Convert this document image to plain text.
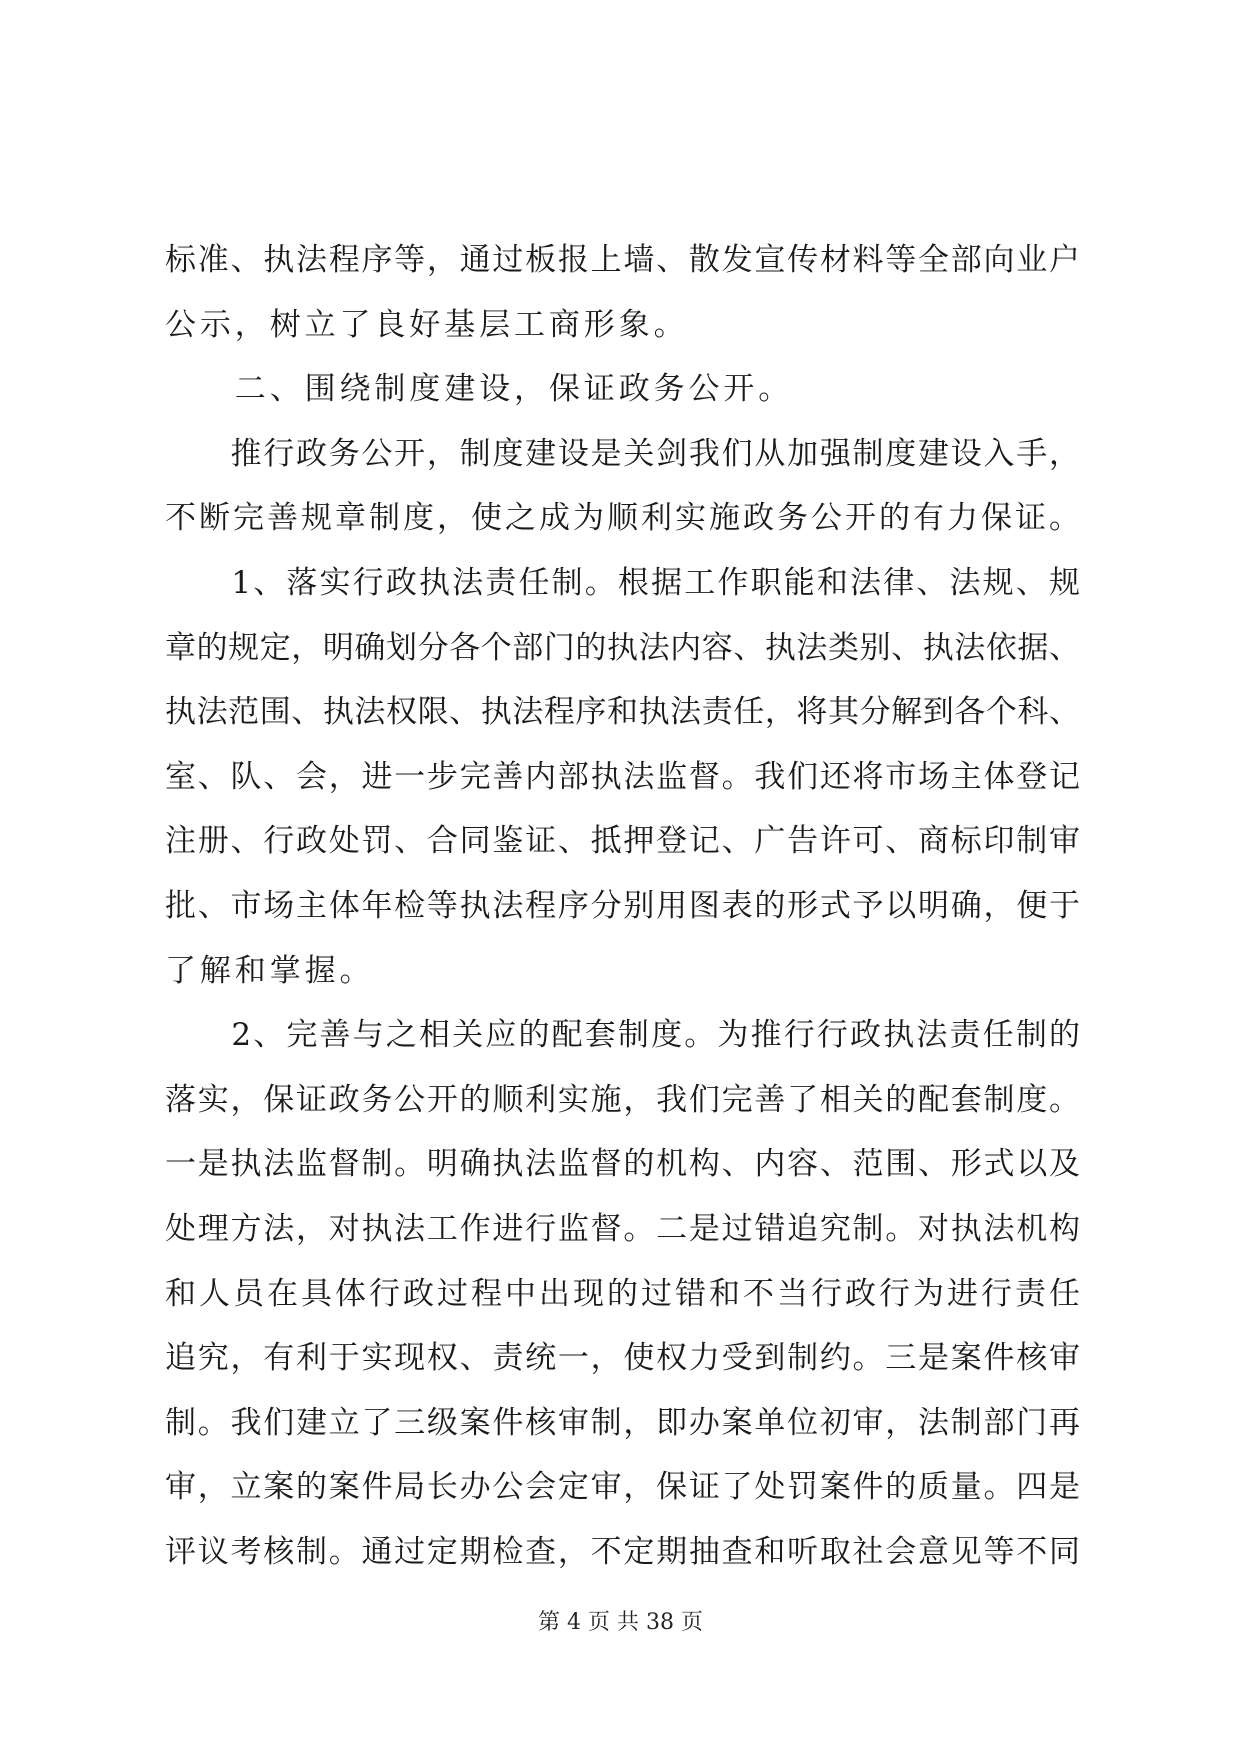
标准、执法程序等，通过板报上墙、散发宣传材料等全部向业户
公示，树立了良好基层工商形象。
　　二、围绕制度建设，保证政务公开。
　　推行政务公开，制度建设是关剑我们从加强制度建设入手，
不断完善规章制度，使之成为顺利实施政务公开的有力保证。
　　1、落实行政执法责任制。根据工作职能和法律、法规、规
章的规定，明确划分各个部门的执法内容、执法类别、执法依据、
执法范围、执法权限、执法程序和执法责任，将其分解到各个科、
室、队、会，进一步完善内部执法监督。我们还将市场主体登记
注册、行政处罚、合同鉴证、抵押登记、广告许可、商标印制审
批、市场主体年检等执法程序分别用图表的形式予以明确，便于
了解和掌握。
　　2、完善与之相关应的配套制度。为推行行政执法责任制的
落实，保证政务公开的顺利实施，我们完善了相关的配套制度。
一是执法监督制。明确执法监督的机构、内容、范围、形式以及
处理方法，对执法工作进行监督。二是过错追究制。对执法机构
和人员在具体行政过程中出现的过错和不当行政行为进行责任
追究，有利于实现权、责统一，使权力受到制约。三是案件核审
制。我们建立了三级案件核审制，即办案单位初审，法制部门再
审，立案的案件局长办公会定审，保证了处罚案件的质量。四是
评议考核制。通过定期检查，不定期抽查和听取社会意见等不同
第 4 页 共 38 页
